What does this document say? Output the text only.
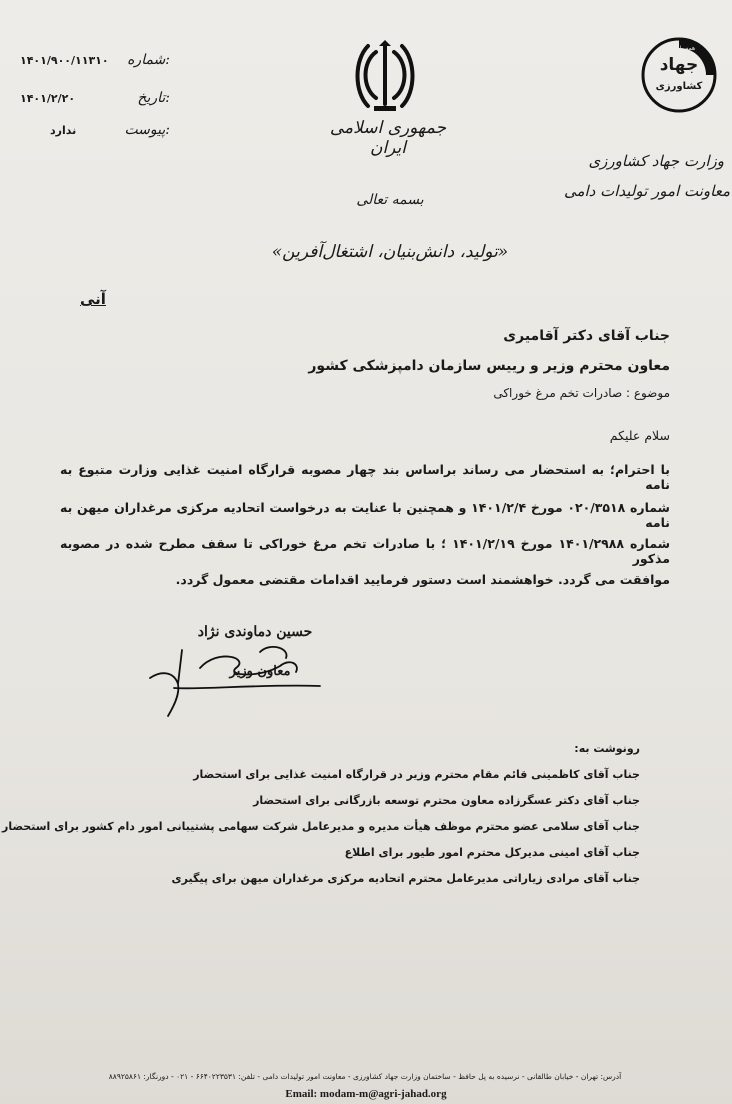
شماره:
۱۴۰۱/۹۰۰/۱۱۳۱۰
تاریخ:
۱۴۰۱/۲/۲۰
پیوست:
ندارد	جمهوری اسلامی ایران
همه با هم
جهاد
کشاورزی
وزارت جهاد کشاورزی
معاونت امور تولیدات دامی
بسمه تعالی
«تولید، دانش‌بنیان، اشتغال‌آفرین»
آنی
جناب آقای دکتر آقامیری
معاون محترم وزیر و رییس سازمان دامپزشکی کشور
موضوع : صادرات تخم مرغ خوراکی
سلام علیکم
با احترام؛ به استحضار می رساند براساس بند چهار مصوبه قرارگاه امنیت غذایی وزارت متبوع به نامه
شماره ۰۲۰/۳۵۱۸ مورخ ۱۴۰۱/۲/۴ و همچنین با عنایت به درخواست اتحادیه مرکزی مرغداران میهن به نامه
شماره ۱۴۰۱/۲۹۸۸ مورخ ۱۴۰۱/۲/۱۹ ؛ با صادرات تخم مرغ خوراکی تا سقف مطرح شده در مصوبه مذکور
موافقت می گردد. خواهشمند است دستور فرمایید اقدامات مقتضی معمول گردد.
حسین دماوندی نژاد
معاون وزیر
رونوشت به:
جناب آقای کاظمینی قائم مقام محترم وزیر در قرارگاه امنیت غذایی برای استحضار
جناب آقای دکتر عسگرزاده معاون محترم توسعه بازرگانی برای استحضار
جناب آقای سلامی عضو محترم موظف هیأت مدیره و مدیرعامل شرکت سهامی پشتیبانی امور دام کشور برای استحضار
جناب آقای امینی مدیرکل محترم امور طیور برای اطلاع
جناب آقای مرادی زیاراتی مدیرعامل محترم اتحادیه مرکزی مرغداران میهن برای پیگیری
آدرس: تهران - خیابان طالقانی - نرسیده به پل حافظ - ساختمان وزارت جهاد کشاورزی - معاونت امور تولیدات دامی - تلفن: ۶۶۴۰۲۲۳۵۳۱ - ۰۲۱ - دورنگار: ۸۸۹۲۵۸۶۱
Email: modam-m@agri-jahad.org
